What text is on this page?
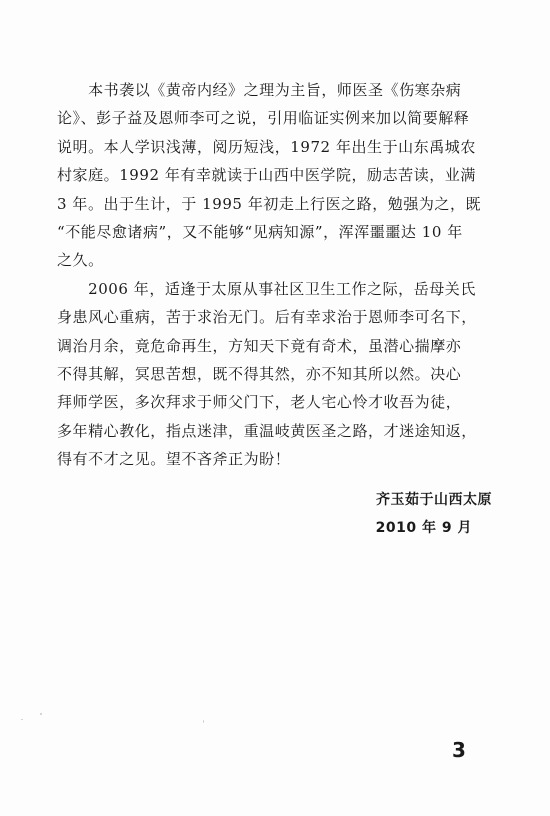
　　本书袭以《黄帝内经》之理为主旨，师医圣《伤寒杂病
论》、彭子益及恩师李可之说，引用临证实例来加以简要解释
说明。本人学识浅薄，阅历短浅，1972 年出生于山东禹城农
村家庭。1992 年有幸就读于山西中医学院，励志苦读，业满
3 年。出于生计，于 1995 年初走上行医之路，勉强为之，既
“不能尽愈诸病”，又不能够“见病知源”，浑浑噩噩达 10 年
之久。
　　2006 年，适逢于太原从事社区卫生工作之际，岳母关氏
身患风心重病，苦于求治无门。后有幸求治于恩师李可名下，
调治月余，竟危命再生，方知天下竟有奇术，虽潜心揣摩亦
不得其解，冥思苦想，既不得其然，亦不知其所以然。决心
拜师学医，多次拜求于师父门下，老人宅心怜才收吾为徒，
多年精心教化，指点迷津，重温岐黄医圣之路，才迷途知返，
得有不才之见。望不吝斧正为盼！
齐玉茹于山西太原
2010 年 9 月
3
